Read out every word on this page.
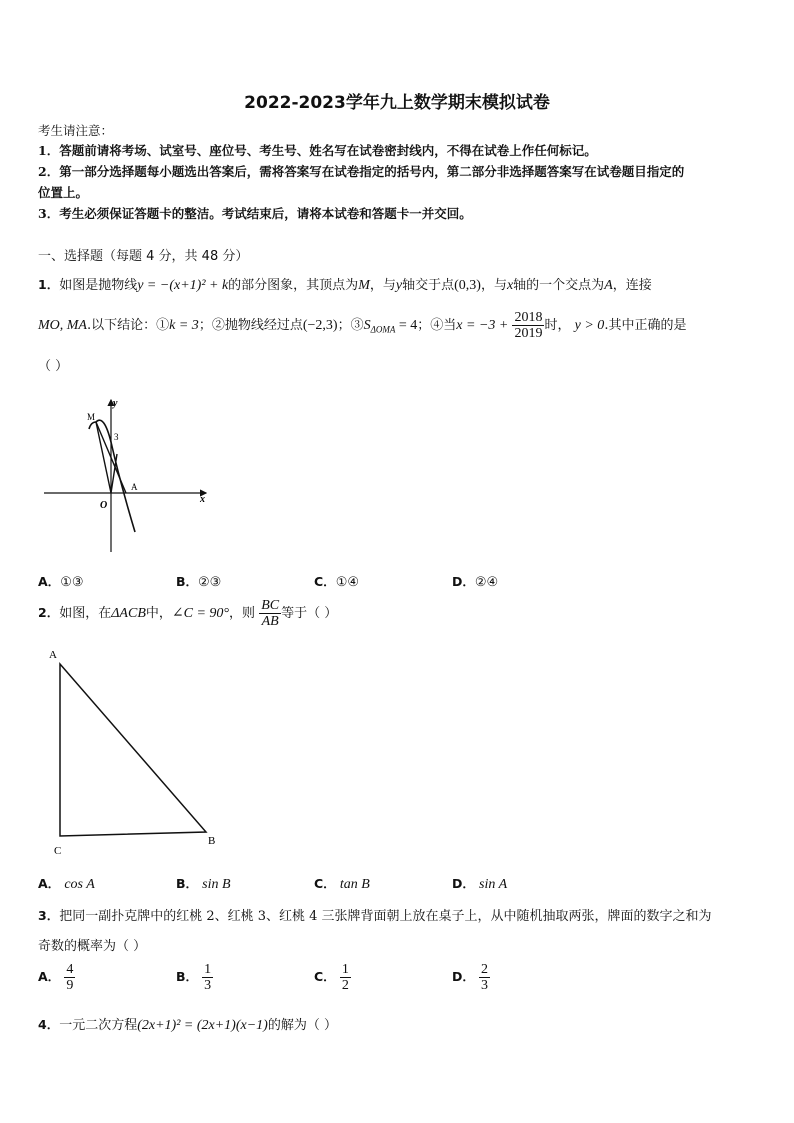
2022-2023学年九上数学期末模拟试卷
考生请注意：
1．答题前请将考场、试室号、座位号、考生号、姓名写在试卷密封线内，不得在试卷上作任何标记。
2．第一部分选择题每小题选出答案后，需将答案写在试卷指定的括号内，第二部分非选择题答案写在试卷题目指定的
位置上。
3．考生必须保证答题卡的整洁。考试结束后，请将本试卷和答题卡一并交回。
一、选择题（每题 4 分，共 48 分）
1．如图是抛物线y = −(x+1)² + k的部分图象，其顶点为M，与y轴交于点(0,3)，与x轴的一个交点为A，连接
MO, MA.以下结论：①k = 3；②抛物线经过点(−2,3)；$③S_{\Delta OMA} = 4$；④当$x = -3 + \frac{2018}{2019}$ 时， y > 0.其中正确的是
（ ）
y
x
O
M
A
3
A．①③	B．②③	C．①④	D．②④
2．如图，在ΔACB中，∠C = 90°，则 $\frac{BC}{AB}$ 等于（ ）
A
B
C
A． cos A	B． sin B	C． tan B	D． sin A
3．把同一副扑克牌中的红桃 2、红桃 3、红桃 4 三张牌背面朝上放在桌子上，从中随机抽取两张，牌面的数字之和为
奇数的概率为（ ）
A． $\frac{4}{9}$	B． $\frac{1}{3}$	C． $\frac{1}{2}$	D． $\frac{2}{3}$
4．一元二次方程(2x+1)² = (2x+1)(x−1)的解为（ ）
